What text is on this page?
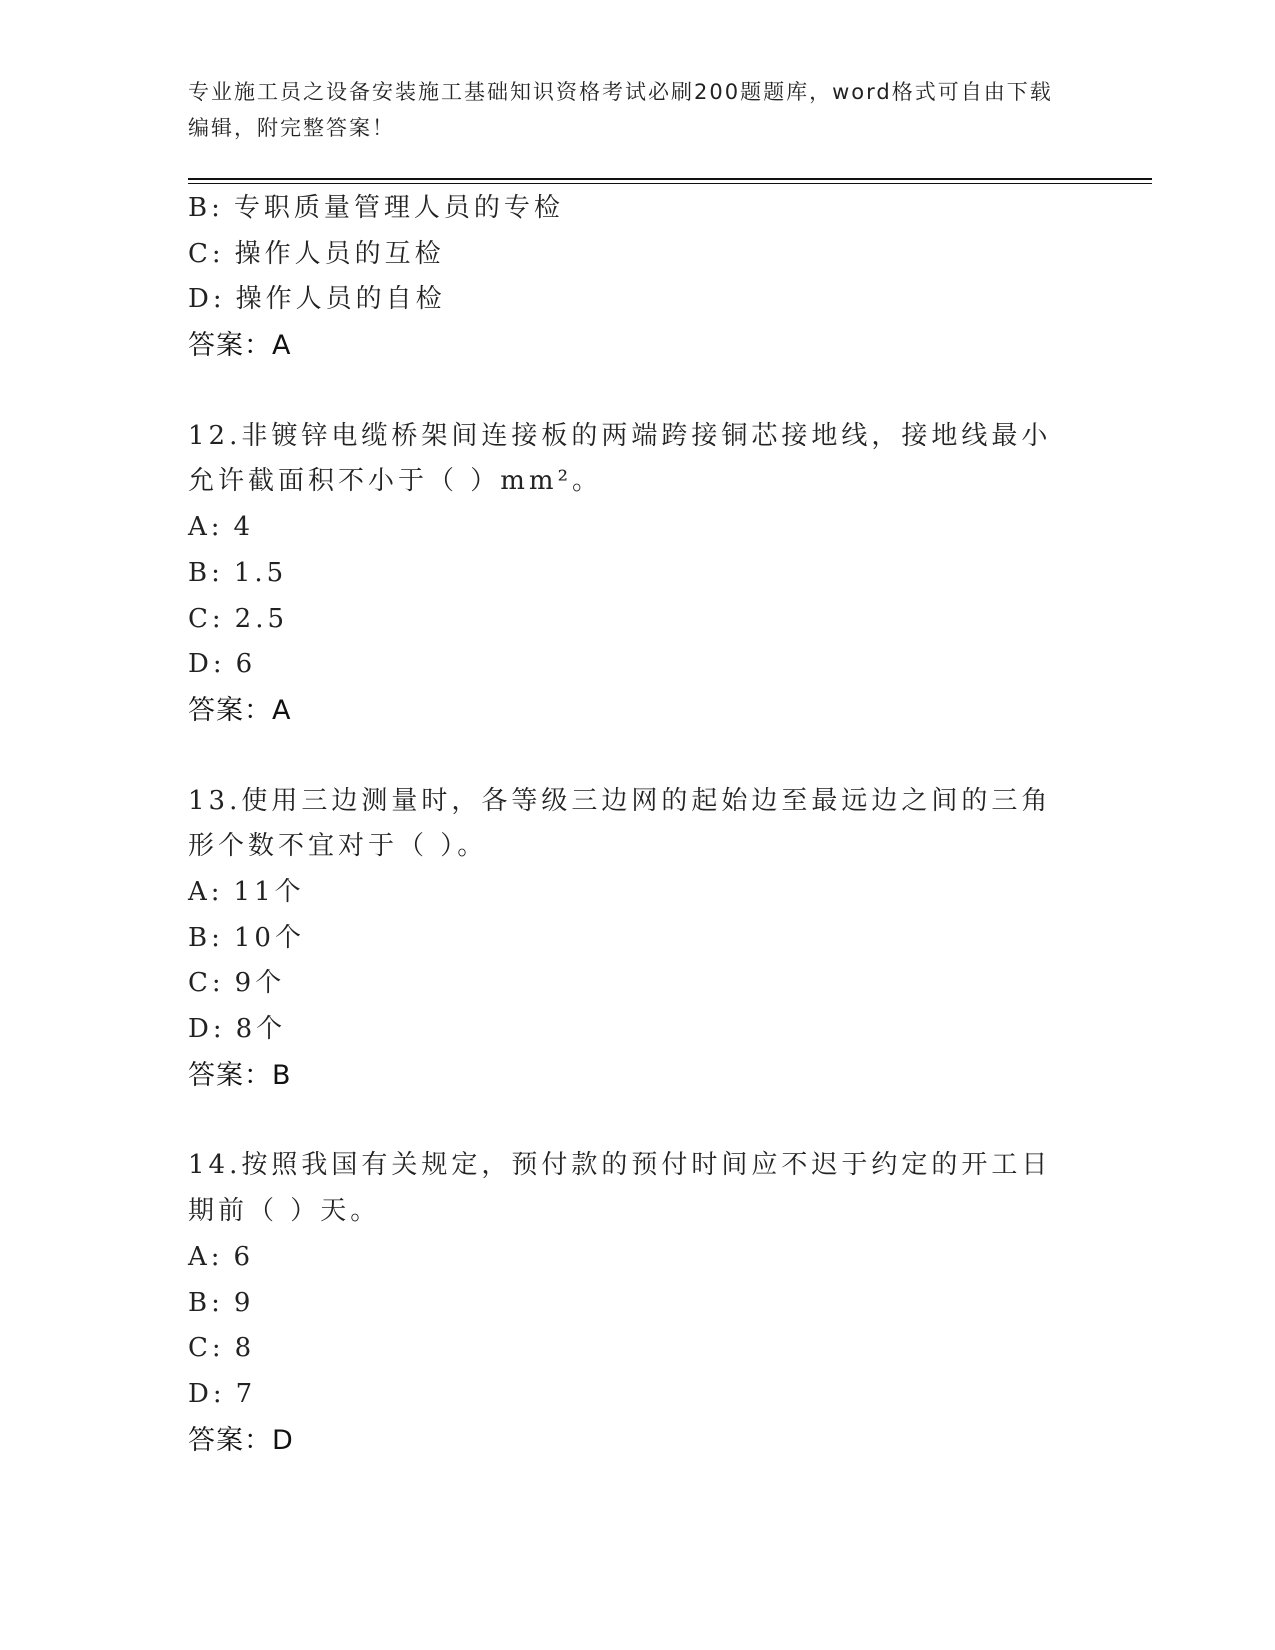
专业施工员之设备安装施工基础知识资格考试必刷200题题库，word格式可自由下载编辑，附完整答案！
B: 专职质量管理人员的专检
C: 操作人员的互检
D: 操作人员的自检
答案：A
12.非镀锌电缆桥架间连接板的两端跨接铜芯接地线，接地线最小允许截面积不小于（ ）mm²。
A: 4
B: 1.5
C: 2.5
D: 6
答案：A
13.使用三边测量时，各等级三边网的起始边至最远边之间的三角形个数不宜对于（ ）。
A: 11个
B: 10个
C: 9个
D: 8个
答案：B
14.按照我国有关规定，预付款的预付时间应不迟于约定的开工日期前（ ）天。
A: 6
B: 9
C: 8
D: 7
答案：D
